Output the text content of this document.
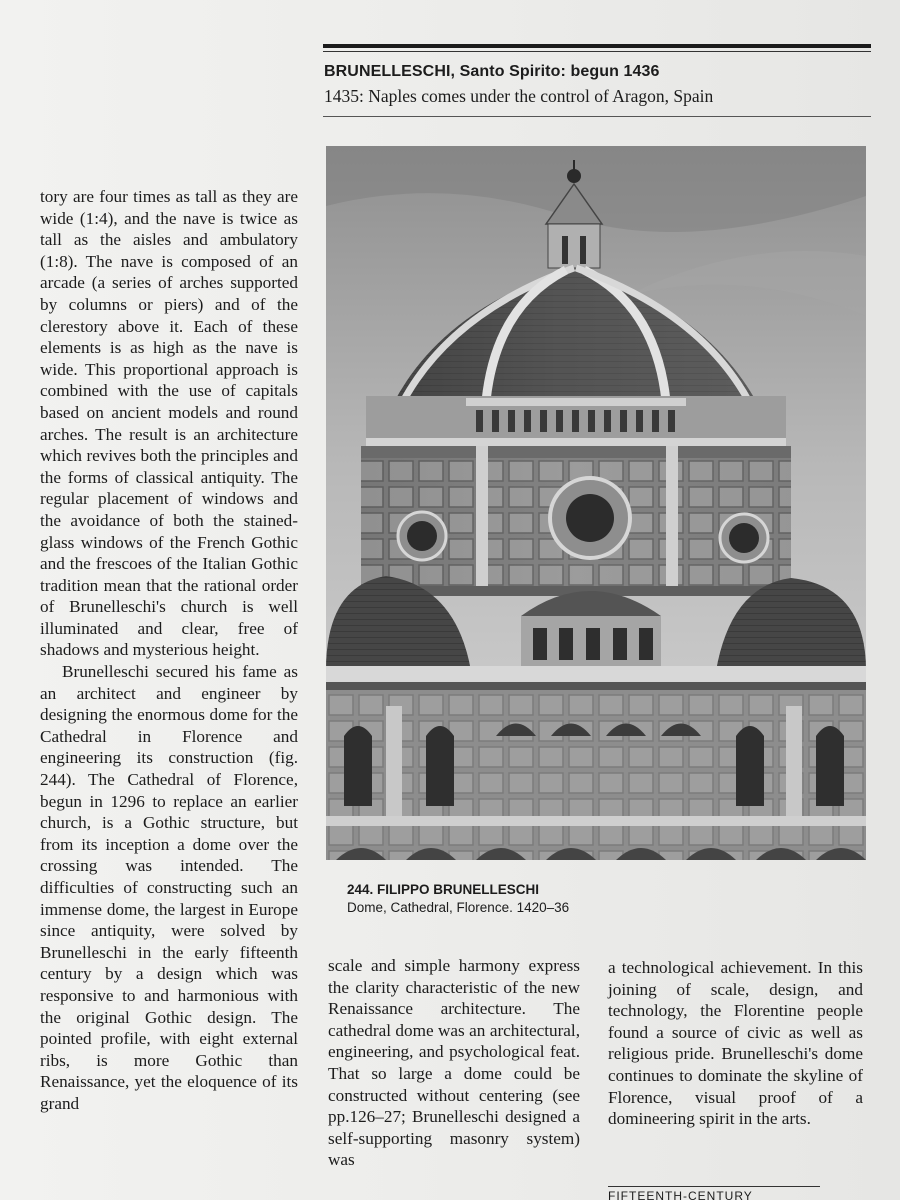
BRUNELLESCHI, Santo Spirito: begun 1436
1435: Naples comes under the control of Aragon, Spain

tory are four times as tall as they are wide (1:4), and the nave is twice as tall as the aisles and ambulatory (1:8). The nave is composed of an arcade (a series of arches supported by columns or piers) and of the clerestory above it. Each of these elements is as high as the nave is wide. This proportional approach is combined with the use of capitals based on ancient models and round arches. The result is an architecture which revives both the principles and the forms of classical antiquity. The regular placement of windows and the avoidance of both the stained-glass windows of the French Gothic and the frescoes of the Italian Gothic tradition mean that the rational order of Brunelleschi's church is well illuminated and clear, free of shadows and mysterious height.

Brunelleschi secured his fame as an architect and engineer by designing the enormous dome for the Cathedral in Florence and engineering its construction (fig. 244). The Cathedral of Florence, begun in 1296 to replace an earlier church, is a Gothic structure, but from its inception a dome over the crossing was intended. The difficulties of constructing such an immense dome, the largest in Europe since antiquity, were solved by Brunelleschi in the early fifteenth century by a design which was responsive to and harmonious with the original Gothic design. The pointed profile, with eight external ribs, is more Gothic than Renaissance, yet the eloquence of its grand

244. FILIPPO BRUNELLESCHI
Dome, Cathedral, Florence. 1420–36

scale and simple harmony express the clarity characteristic of the new Renaissance architecture. The cathedral dome was an architectural, engineering, and psychological feat. That so large a dome could be constructed without centering (see pp.126–27; Brunelleschi designed a self-supporting masonry system) was

a technological achievement. In this joining of scale, design, and technology, the Florentine people found a source of civic as well as religious pride. Brunelleschi's dome continues to dominate the skyline of Florence, visual proof of a domineering spirit in the arts.

FIFTEENTH-CENTURY
